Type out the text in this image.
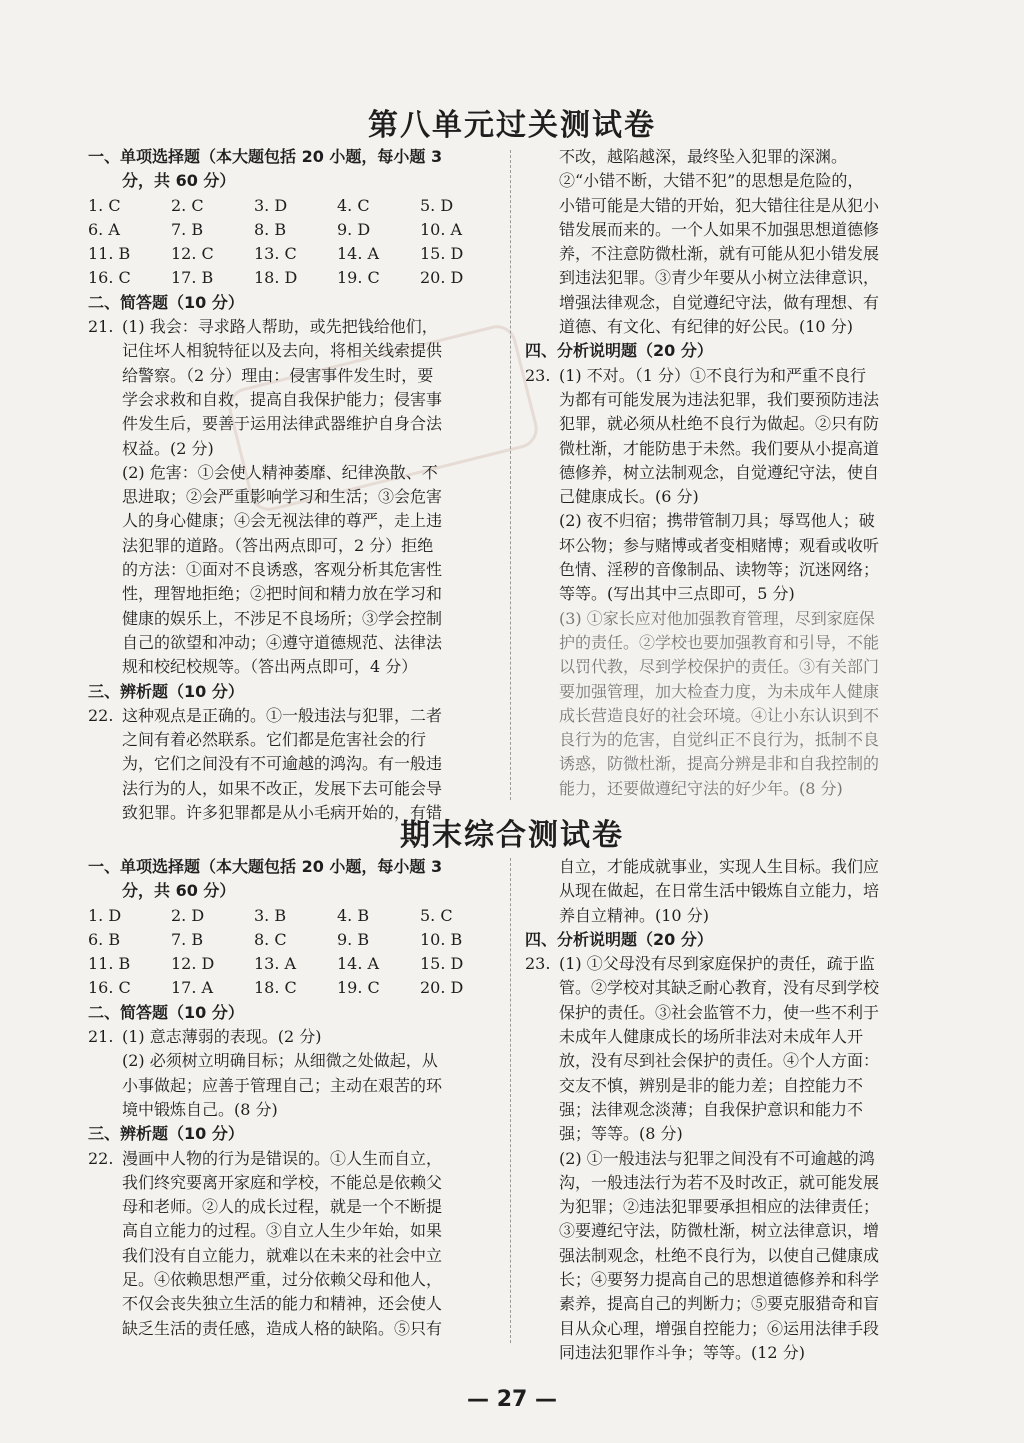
第八单元过关测试卷
一、单项选择题（本大题包括 20 小题，每小题 3
分，共 60 分）
1. C	2. C	3. D	4. C	5. D
6. A	7. B	8. B	9. D	10. A
11. B	12. C	13. C	14. A	15. D
16. C	17. B	18. D	19. C	20. D
二、简答题（10 分）
21. (1) 我会：寻求路人帮助，或先把钱给他们，
记住坏人相貌特征以及去向，将相关线索提供
给警察。（2 分）理由：侵害事件发生时，要
学会求救和自救，提高自我保护能力；侵害事
件发生后，要善于运用法律武器维护自身合法
权益。(2 分)
(2) 危害：①会使人精神萎靡、纪律涣散、不
思进取；②会严重影响学习和生活；③会危害
人的身心健康；④会无视法律的尊严，走上违
法犯罪的道路。（答出两点即可，2 分）拒绝
的方法：①面对不良诱惑，客观分析其危害性
性，理智地拒绝；②把时间和精力放在学习和
健康的娱乐上，不涉足不良场所；③学会控制
自己的欲望和冲动；④遵守道德规范、法律法
规和校纪校规等。（答出两点即可，4 分）
三、辨析题（10 分）
22. 这种观点是正确的。①一般违法与犯罪，二者
之间有着必然联系。它们都是危害社会的行
为，它们之间没有不可逾越的鸿沟。有一般违
法行为的人，如果不改正，发展下去可能会导
致犯罪。许多犯罪都是从小毛病开始的，有错
不改，越陷越深，最终坠入犯罪的深渊。
②“小错不断，大错不犯”的思想是危险的，
小错可能是大错的开始，犯大错往往是从犯小
错发展而来的。一个人如果不加强思想道德修
养，不注意防微杜渐，就有可能从犯小错发展
到违法犯罪。③青少年要从小树立法律意识，
增强法律观念，自觉遵纪守法，做有理想、有
道德、有文化、有纪律的好公民。(10 分)
四、分析说明题（20 分）
23. (1) 不对。（1 分）①不良行为和严重不良行
为都有可能发展为违法犯罪，我们要预防违法
犯罪，就必须从杜绝不良行为做起。②只有防
微杜渐，才能防患于未然。我们要从小提高道
德修养，树立法制观念，自觉遵纪守法，使自
己健康成长。(6 分)
(2) 夜不归宿；携带管制刀具；辱骂他人；破
坏公物；参与赌博或者变相赌博；观看或收听
色情、淫秽的音像制品、读物等；沉迷网络；
等等。(写出其中三点即可，5 分)
(3) ①家长应对他加强教育管理，尽到家庭保
护的责任。②学校也要加强教育和引导，不能
以罚代教，尽到学校保护的责任。③有关部门
要加强管理，加大检查力度，为未成年人健康
成长营造良好的社会环境。④让小东认识到不
良行为的危害，自觉纠正不良行为，抵制不良
诱惑，防微杜渐，提高分辨是非和自我控制的
能力，还要做遵纪守法的好少年。(8 分)
期末综合测试卷
一、单项选择题（本大题包括 20 小题，每小题 3
分，共 60 分）
1. D	2. D	3. B	4. B	5. C
6. B	7. B	8. C	9. B	10. B
11. B	12. D	13. A	14. A	15. D
16. C	17. A	18. C	19. C	20. D
二、简答题（10 分）
21. (1) 意志薄弱的表现。(2 分)
(2) 必须树立明确目标；从细微之处做起，从
小事做起；应善于管理自己；主动在艰苦的环
境中锻炼自己。(8 分)
三、辨析题（10 分）
22. 漫画中人物的行为是错误的。①人生而自立，
我们终究要离开家庭和学校，不能总是依赖父
母和老师。②人的成长过程，就是一个不断提
高自立能力的过程。③自立人生少年始，如果
我们没有自立能力，就难以在未来的社会中立
足。④依赖思想严重，过分依赖父母和他人，
不仅会丧失独立生活的能力和精神，还会使人
缺乏生活的责任感，造成人格的缺陷。⑤只有
自立，才能成就事业，实现人生目标。我们应
从现在做起，在日常生活中锻炼自立能力，培
养自立精神。(10 分)
四、分析说明题（20 分）
23. (1) ①父母没有尽到家庭保护的责任，疏于监
管。②学校对其缺乏耐心教育，没有尽到学校
保护的责任。③社会监管不力，使一些不利于
未成年人健康成长的场所非法对未成年人开
放，没有尽到社会保护的责任。④个人方面：
交友不慎，辨别是非的能力差；自控能力不
强；法律观念淡薄；自我保护意识和能力不
强；等等。(8 分)
(2) ①一般违法与犯罪之间没有不可逾越的鸿
沟，一般违法行为若不及时改正，就可能发展
为犯罪；②违法犯罪要承担相应的法律责任；
③要遵纪守法，防微杜渐，树立法律意识，增
强法制观念，杜绝不良行为，以使自己健康成
长；④要努力提高自己的思想道德修养和科学
素养，提高自己的判断力；⑤要克服猎奇和盲
目从众心理，增强自控能力；⑥运用法律手段
同违法犯罪作斗争；等等。(12 分)
— 27 —
